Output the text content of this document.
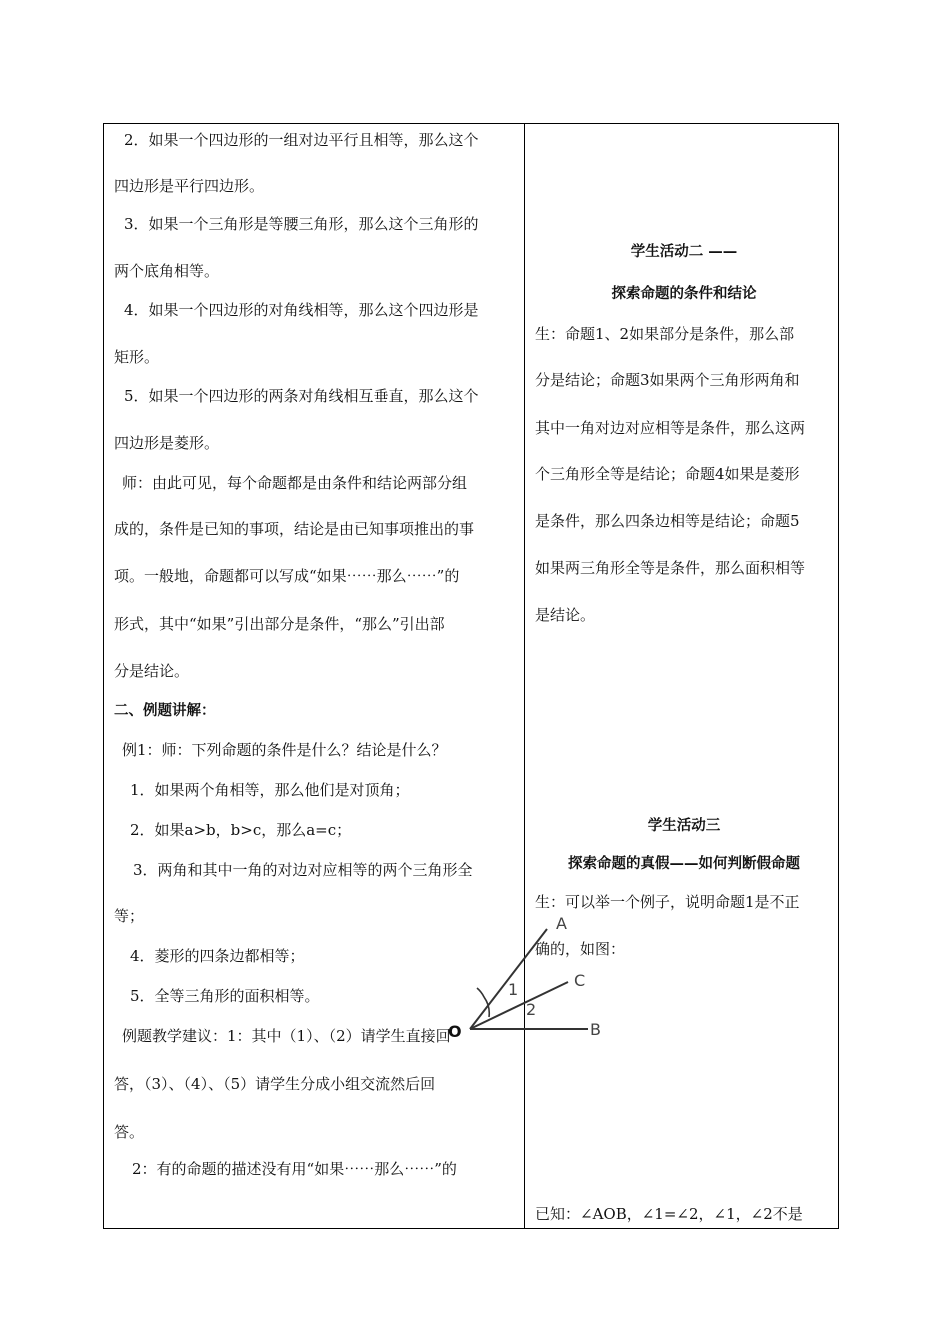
2．如果一个四边形的一组对边平行且相等，那么这个
四边形是平行四边形。
3．如果一个三角形是等腰三角形，那么这个三角形的
两个底角相等。
4．如果一个四边形的对角线相等，那么这个四边形是
矩形。
5．如果一个四边形的两条对角线相互垂直，那么这个
四边形是菱形。
师：由此可见，每个命题都是由条件和结论两部分组
成的，条件是已知的事项，结论是由已知事项推出的事
项。一般地，命题都可以写成“如果⋯⋯那么⋯⋯”的
形式，其中“如果”引出部分是条件，“那么”引出部
分是结论。
二、例题讲解：
例1：师：下列命题的条件是什么？结论是什么？
1．如果两个角相等，那么他们是对顶角；
2．如果a>b，b>c，那么a=c；
3．两角和其中一角的对边对应相等的两个三角形全
等；
4．菱形的四条边都相等；
5．全等三角形的面积相等。
例题教学建议：1：其中（1）、（2）请学生直接回
答，（3）、（4）、（5）请学生分成小组交流然后回
答。
2：有的命题的描述没有用“如果⋯⋯那么⋯⋯”的
学生活动二 ——
探索命题的条件和结论
生：命题1、2如果部分是条件，那么部
分是结论；命题3如果两个三角形两角和
其中一角对边对应相等是条件，那么这两
个三角形全等是结论；命题4如果是菱形
是条件，那么四条边相等是结论；命题5
如果两三角形全等是条件，那么面积相等
是结论。
学生活动三
探索命题的真假——如何判断假命题
生：可以举一个例子，说明命题1是不正
确的，如图：
已知：∠AOB，∠1=∠2，∠1，∠2不是
A
C
B
O
1
2
